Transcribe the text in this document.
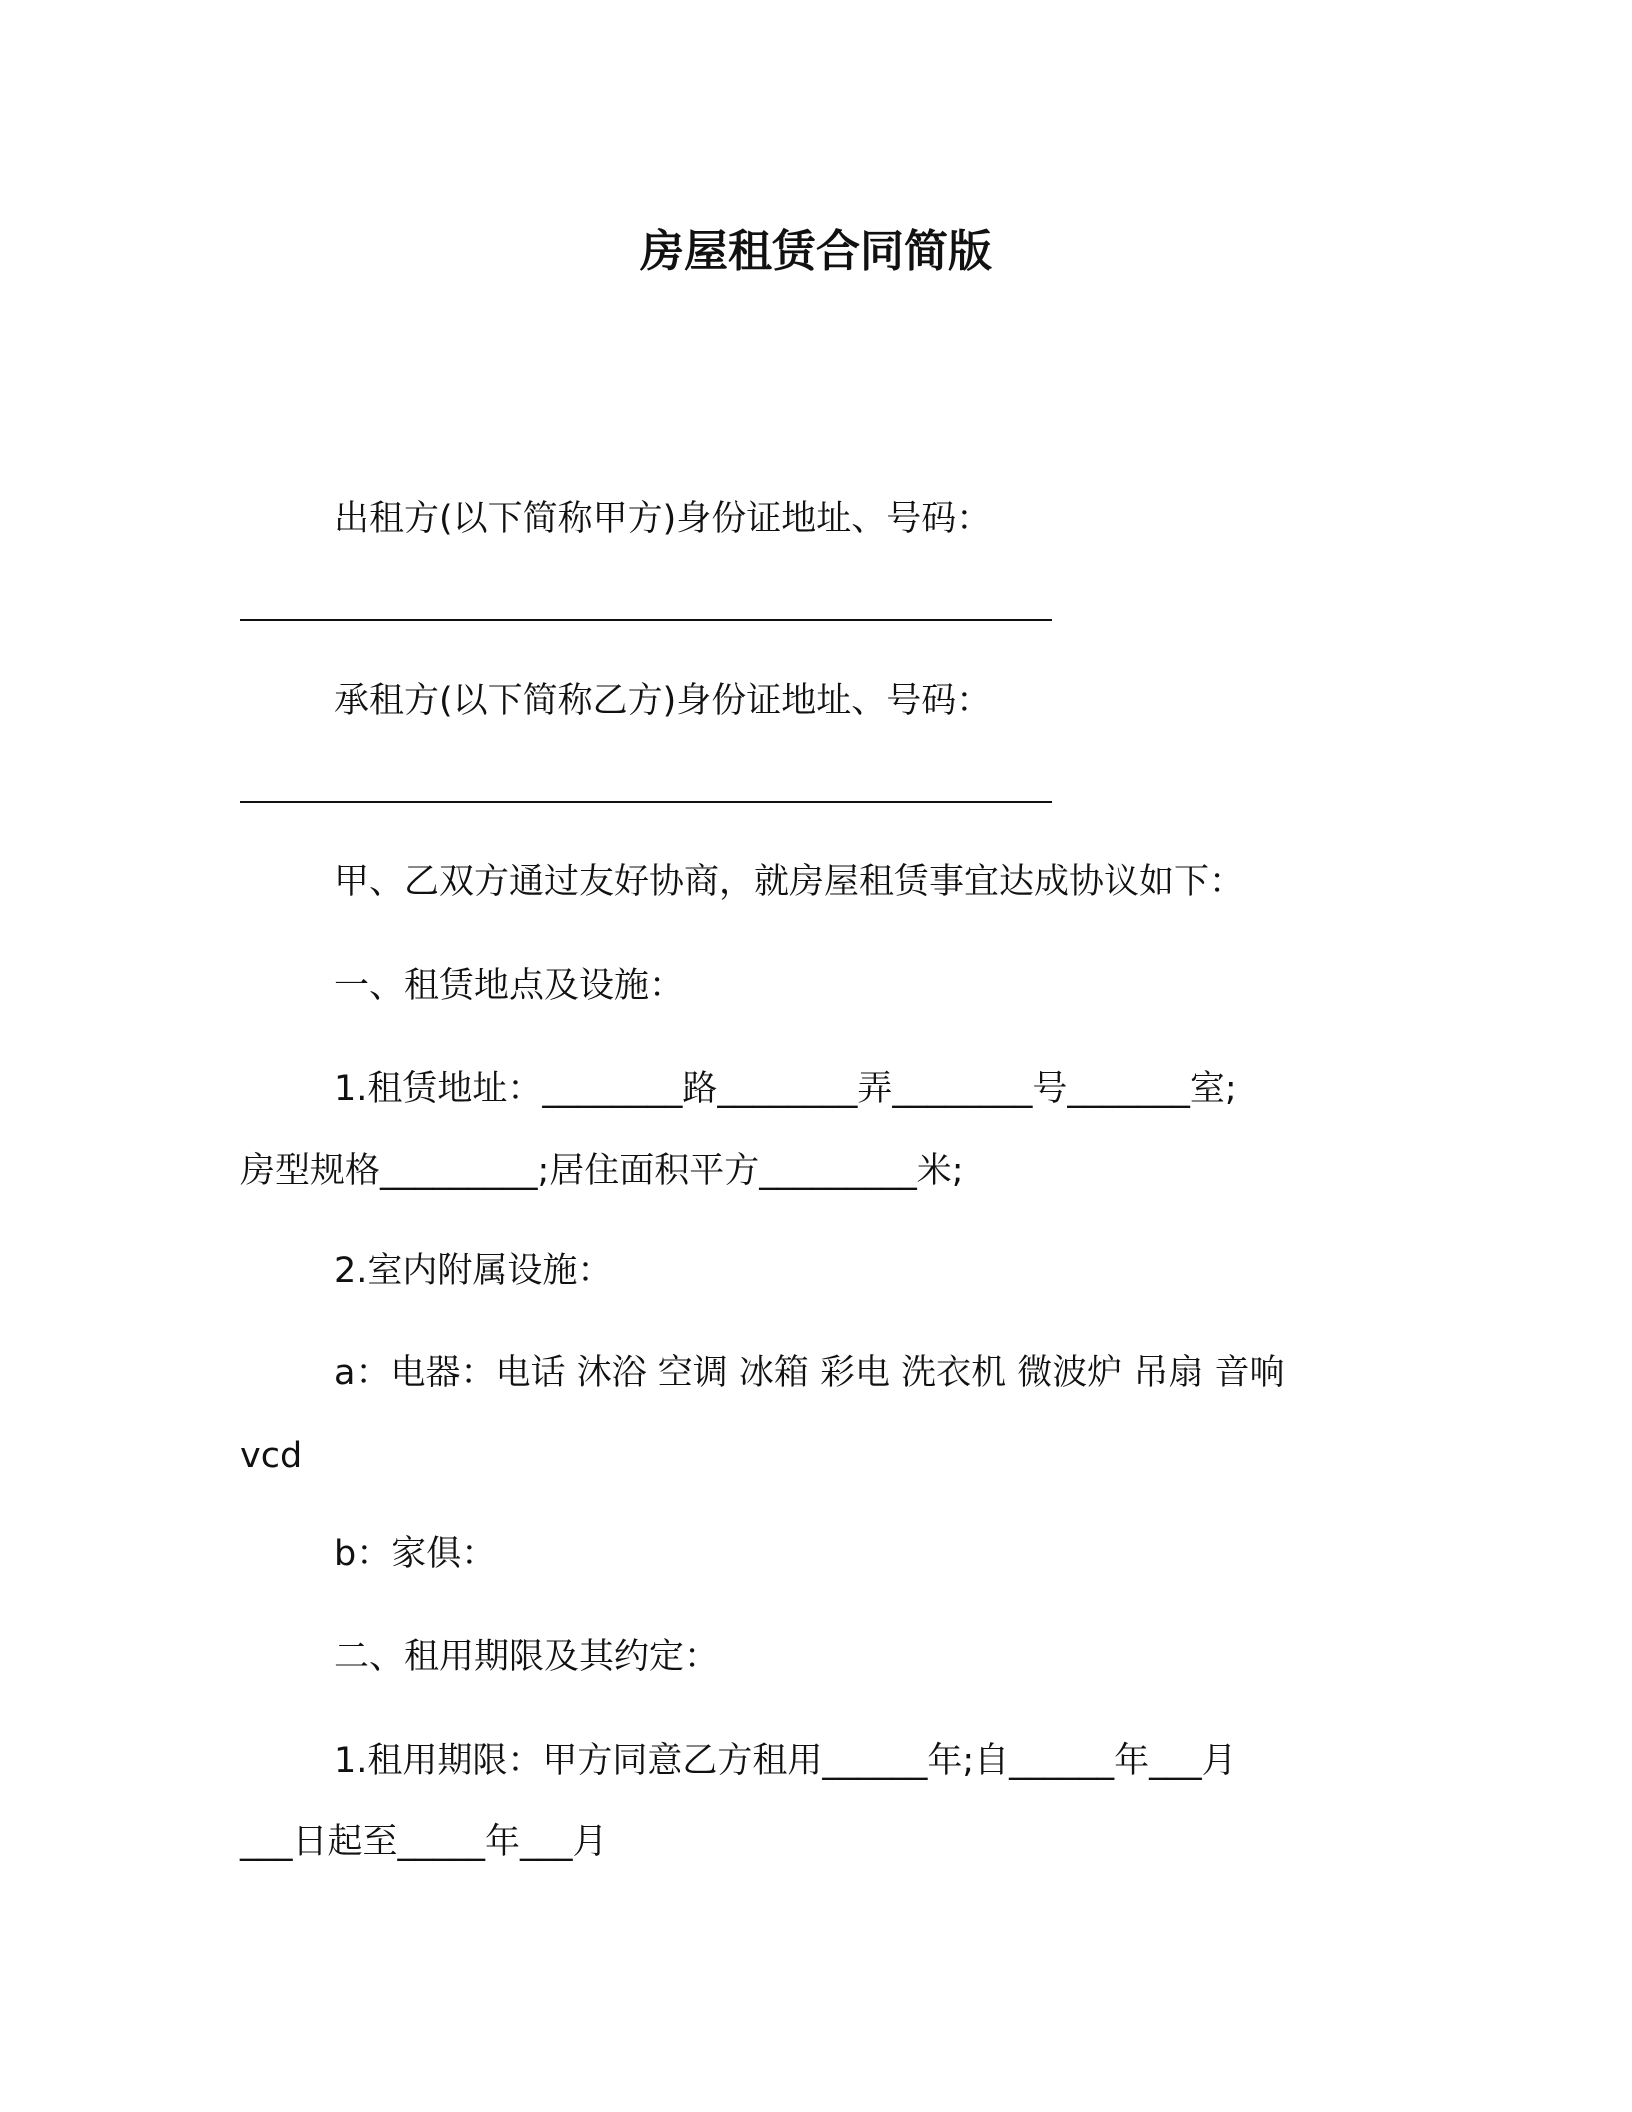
房屋租赁合同简版

出租方(以下简称甲方)身份证地址、号码：

承租方(以下简称乙方)身份证地址、号码：

甲、乙双方通过友好协商，就房屋租赁事宜达成协议如下：

一、租赁地点及设施：

1.租赁地址：________路________弄________号_______室;

房型规格_________;居住面积平方_________米;

2.室内附属设施：

a：电器：电话 沐浴 空调 冰箱 彩电 洗衣机 微波炉 吊扇 音响

vcd

b：家俱：

二、租用期限及其约定：

1.租用期限：甲方同意乙方租用______年;自______年___月

___日起至_____年___月
